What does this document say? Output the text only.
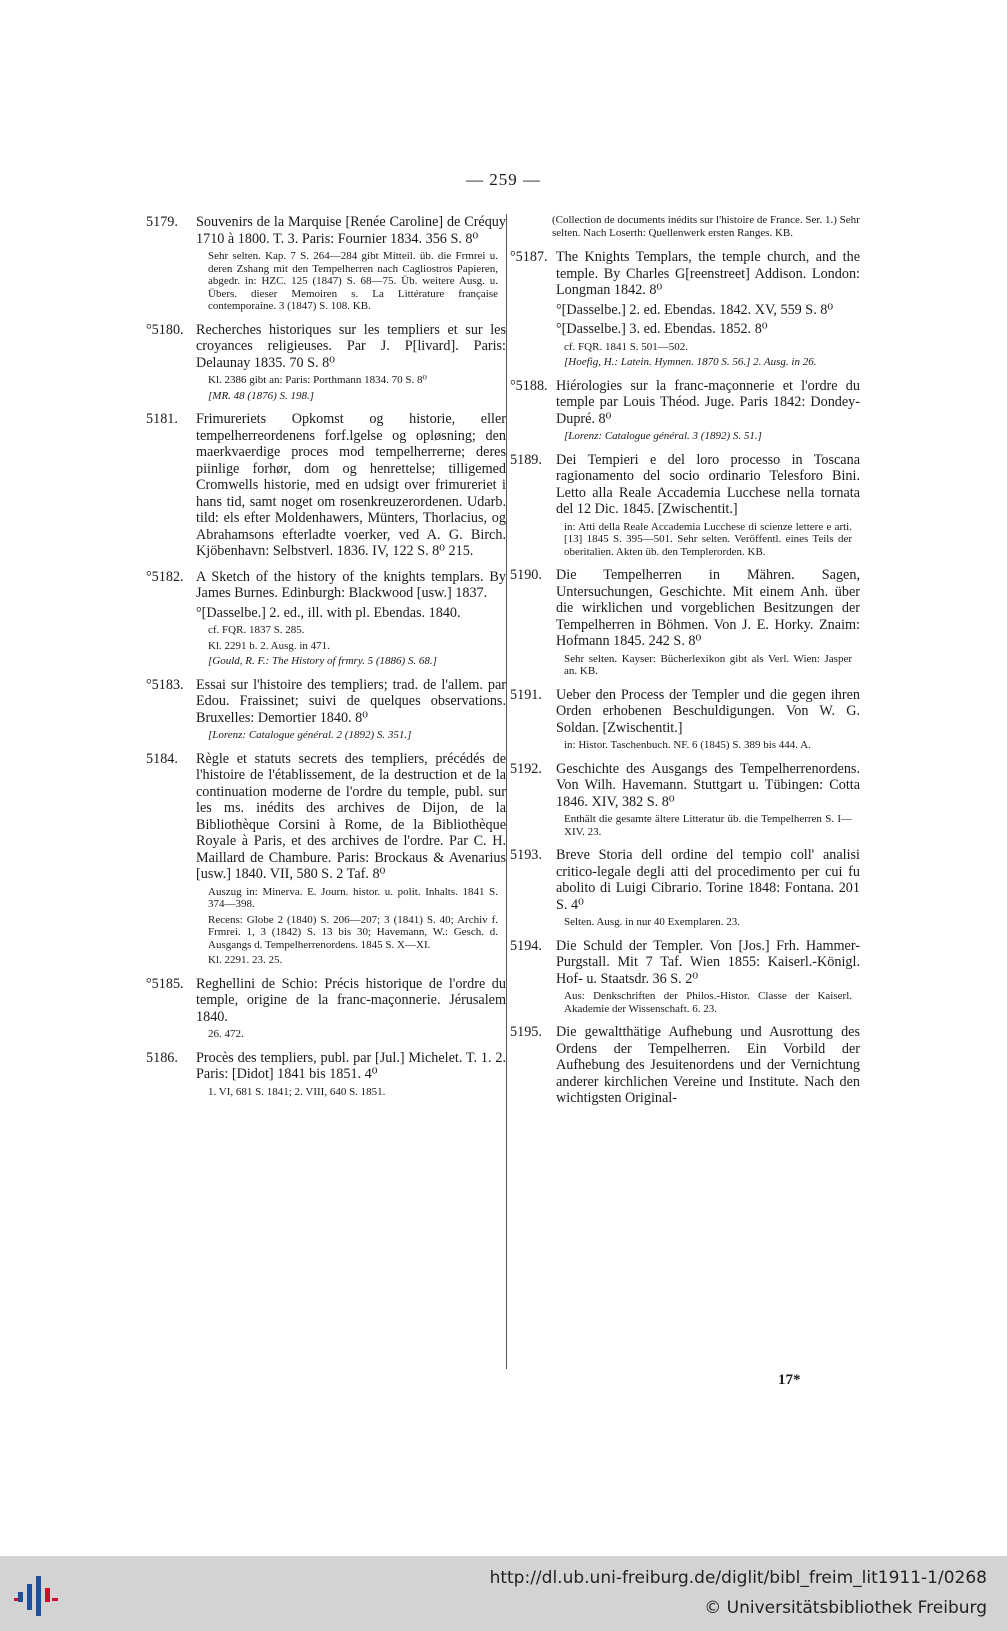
— 259 —
5179.	Souvenirs de la Marquise [Renée Caroline] de Créquy 1710 à 1800. T. 3. Paris: Fournier 1834. 356 S. 8⁰
Sehr selten. Kap. 7 S. 264—284 gibt Mitteil. üb. die Frmrei u. deren Zshang mit den Tempelherren nach Cagliostros Papieren, abgedr. in: HZC. 125 (1847) S. 68—75. Üb. weitere Ausg. u. Übers. dieser Memoiren s. La Littérature française contemporaine. 3 (1847) S. 108. KB.
°5180. Recherches historiques sur les templiers et sur les croyances religieuses. Par J. P[livard]. Paris: Delaunay 1835. 70 S. 8⁰
Kl. 2386 gibt an: Paris: Porthmann 1834. 70 S. 8⁰
[MR. 48 (1876) S. 198.]
5181.	Frimureriets Opkomst og historie, eller tempelherreordenens forf.lgelse og opløsning; den maerkvaerdige proces mod tempelherrerne; deres piinlige forhør, dom og henrettelse; tilligemed Cromwells historie, med en udsigt over frimureriet i hans tid, samt noget om rosenkreuzerordenen. Udarb. tild: els efter Moldenhawers, Münters, Thorlacius, og Abrahamsons efterladte voerker, ved A. G. Birch. Kjöbenhavn: Selbstverl. 1836. IV, 122 S. 8⁰ 215.
°5182. A Sketch of the history of the knights templars. By James Burnes. Edinburgh: Blackwood [usw.] 1837.
°[Dasselbe.] 2. ed., ill. with pl. Ebendas. 1840.
cf. FQR. 1837 S. 285.
Kl. 2291 b. 2. Ausg. in 471.
[Gould, R. F.: The History of frmry. 5 (1886) S. 68.]
°5183. Essai sur l'histoire des templiers; trad. de l'allem. par Edou. Fraissinet; suivi de quelques observations. Bruxelles: Demortier 1840. 8⁰
[Lorenz: Catalogue général. 2 (1892) S. 351.]
5184.	Règle et statuts secrets des templiers, précédés de l'histoire de l'établissement, de la destruction et de la continuation moderne de l'ordre du temple, publ. sur les ms. inédits des archives de Dijon, de la Bibliothèque Corsini à Rome, de la Bibliothèque Royale à Paris, et des archives de l'ordre. Par C. H. Maillard de Chambure. Paris: Brockaus & Avenarius [usw.] 1840. VII, 580 S. 2 Taf. 8⁰
Auszug in: Minerva. E. Journ. histor. u. polit. Inhalts. 1841 S. 374—398.
Recens: Globe 2 (1840) S. 206—207; 3 (1841) S. 40; Archiv f. Frmrei. 1, 3 (1842) S. 13 bis 30; Havemann, W.: Gesch. d. Ausgangs d. Tempelherrenordens. 1845 S. X—XI.
Kl. 2291. 23. 25.
°5185. Reghellini de Schio: Précis historique de l'ordre du temple, origine de la franc-maçonnerie. Jérusalem 1840.
26. 472.
5186.	Procès des templiers, publ. par [Jul.] Michelet. T. 1. 2. Paris: [Didot] 1841 bis 1851. 4⁰
1. VI, 681 S. 1841; 2. VIII, 640 S. 1851.
(Collection de documents inédits sur l'histoire de France. Ser. 1.) Sehr selten. Nach Loserth: Quellenwerk ersten Ranges. KB.
°5187. The Knights Templars, the temple church, and the temple. By Charles G[reenstreet] Addison. London: Longman 1842. 8⁰
°[Dasselbe.] 2. ed. Ebendas. 1842. XV, 559 S. 8⁰
°[Dasselbe.] 3. ed. Ebendas. 1852. 8⁰
cf. FQR. 1841 S. 501—502.
[Hoefig, H.: Latein. Hymnen. 1870 S. 56.] 2. Ausg. in 26.
°5188. Hiérologies sur la franc-maçonnerie et l'ordre du temple par Louis Théod. Juge. Paris 1842: Dondey-Dupré. 8⁰
[Lorenz: Catalogue général. 3 (1892) S. 51.]
5189. Dei Tempieri e del loro processo in Toscana ragionamento del socio ordinario Telesforo Bini. Letto alla Reale Accademia Lucchese nella tornata del 12 Dic. 1845. [Zwischentit.]
in: Atti della Reale Accademia Lucchese di scienze lettere e arti. [13] 1845 S. 395—501. Sehr selten. Veröffentl. eines Teils der oberitalien. Akten üb. den Templerorden. KB.
5190. Die Tempelherren in Mähren. Sagen, Untersuchungen, Geschichte. Mit einem Anh. über die wirklichen und vorgeblichen Besitzungen der Tempelherren in Böhmen. Von J. E. Horky. Znaim: Hofmann 1845. 242 S. 8⁰
Sehr selten. Kayser: Bücherlexikon gibt als Verl. Wien: Jasper an. KB.
5191. Ueber den Process der Templer und die gegen ihren Orden erhobenen Beschuldigungen. Von W. G. Soldan. [Zwischentit.]
in: Histor. Taschenbuch. NF. 6 (1845) S. 389 bis 444. A.
5192. Geschichte des Ausgangs des Tempelherrenordens. Von Wilh. Havemann. Stuttgart u. Tübingen: Cotta 1846. XIV, 382 S. 8⁰
Enthält die gesamte ältere Litteratur üb. die Tempelherren S. I—XIV. 23.
5193. Breve Storia dell ordine del tempio coll' analisi critico-legale degli atti del procedimento per cui fu abolito di Luigi Cibrario. Torine 1848: Fontana. 201 S. 4⁰
Selten. Ausg. in nur 40 Exemplaren. 23.
5194. Die Schuld der Templer. Von [Jos.] Frh. Hammer-Purgstall. Mit 7 Taf. Wien 1855: Kaiserl.-Königl. Hof- u. Staatsdr. 36 S. 2⁰
Aus: Denkschriften der Philos.-Histor. Classe der Kaiserl. Akademie der Wissenschaft. 6. 23.
5195. Die gewaltthätige Aufhebung und Ausrottung des Ordens der Tempelherren. Ein Vorbild der Aufhebung des Jesuitenordens und der Vernichtung anderer kirchlichen Vereine und Institute. Nach den wichtigsten Original-
17*
http://dl.ub.uni-freiburg.de/diglit/bibl_freim_lit1911-1/0268
© Universitätsbibliothek Freiburg
